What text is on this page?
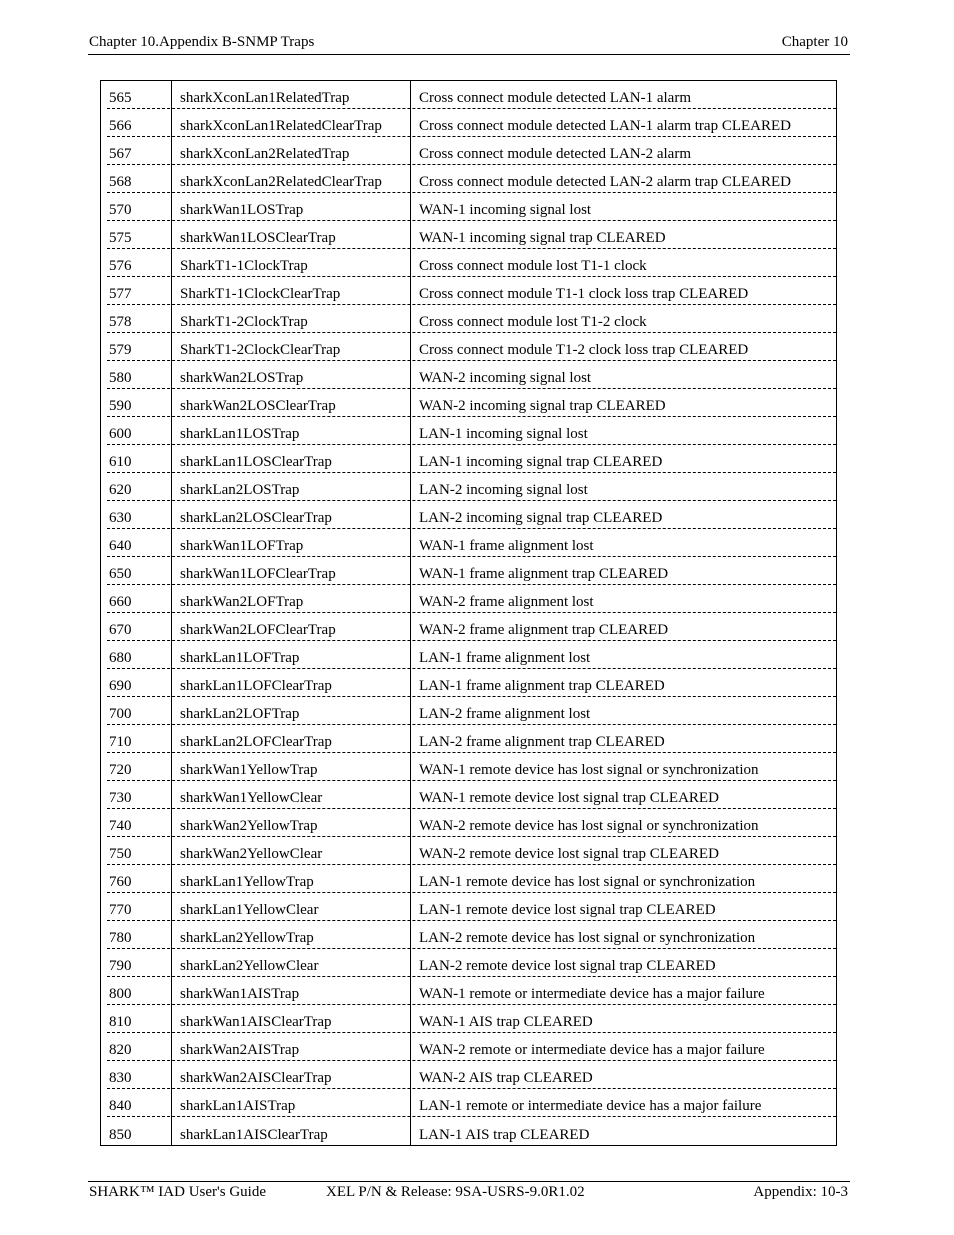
Chapter 10.Appendix B-SNMP Traps	Chapter 10
565	sharkXconLan1RelatedTrap	Cross connect module detected LAN-1 alarm
566	sharkXconLan1RelatedClearTrap Cross connect module detected LAN-1 alarm trap CLEARED
567	sharkXconLan2RelatedTrap	Cross connect module detected LAN-2 alarm
568	sharkXconLan2RelatedClearTrap Cross connect module detected LAN-2 alarm trap CLEARED
570	sharkWan1LOSTrap	WAN-1 incoming signal lost
575	sharkWan1LOSClearTrap	WAN-1 incoming signal trap CLEARED
576	SharkT1-1ClockTrap	Cross connect module lost T1-1 clock
577	SharkT1-1ClockClearTrap	Cross connect module T1-1 clock loss trap CLEARED
578	SharkT1-2ClockTrap	Cross connect module lost T1-2 clock
579	SharkT1-2ClockClearTrap	Cross connect module T1-2 clock loss trap CLEARED
580	sharkWan2LOSTrap	WAN-2 incoming signal lost
590	sharkWan2LOSClearTrap	WAN-2 incoming signal trap CLEARED
600	sharkLan1LOSTrap	LAN-1 incoming signal lost
610	sharkLan1LOSClearTrap	LAN-1 incoming signal trap CLEARED
620	sharkLan2LOSTrap	LAN-2 incoming signal lost
630	sharkLan2LOSClearTrap	LAN-2 incoming signal trap CLEARED
640	sharkWan1LOFTrap	WAN-1 frame alignment lost
650	sharkWan1LOFClearTrap	WAN-1 frame alignment trap CLEARED
660	sharkWan2LOFTrap	WAN-2 frame alignment lost
670	sharkWan2LOFClearTrap	WAN-2 frame alignment trap CLEARED
680	sharkLan1LOFTrap	LAN-1 frame alignment lost
690	sharkLan1LOFClearTrap	LAN-1 frame alignment trap CLEARED
700	sharkLan2LOFTrap	LAN-2 frame alignment lost
710	sharkLan2LOFClearTrap	LAN-2 frame alignment trap CLEARED
720	sharkWan1YellowTrap	WAN-1 remote device has lost signal or synchronization
730	sharkWan1YellowClear	WAN-1 remote device lost signal trap CLEARED
740	sharkWan2YellowTrap	WAN-2 remote device has lost signal or synchronization
750	sharkWan2YellowClear	WAN-2 remote device lost signal trap CLEARED
760	sharkLan1YellowTrap	LAN-1 remote device has lost signal or synchronization
770	sharkLan1YellowClear	LAN-1 remote device lost signal trap CLEARED
780	sharkLan2YellowTrap	LAN-2 remote device has lost signal or synchronization
790	sharkLan2YellowClear	LAN-2 remote device lost signal trap CLEARED
800	sharkWan1AISTrap	WAN-1 remote or intermediate device has a major failure
810	sharkWan1AISClearTrap	WAN-1 AIS trap CLEARED
820	sharkWan2AISTrap	WAN-2 remote or intermediate device has a major failure
830	sharkWan2AISClearTrap	WAN-2 AIS trap CLEARED
840	sharkLan1AISTrap	LAN-1 remote or intermediate device has a major failure
850	sharkLan1AISClearTrap	LAN-1 AIS trap CLEARED
SHARK™ IAD User's Guide	XEL P/N & Release: 9SA-USRS-9.0R1.02	Appendix: 10-3
